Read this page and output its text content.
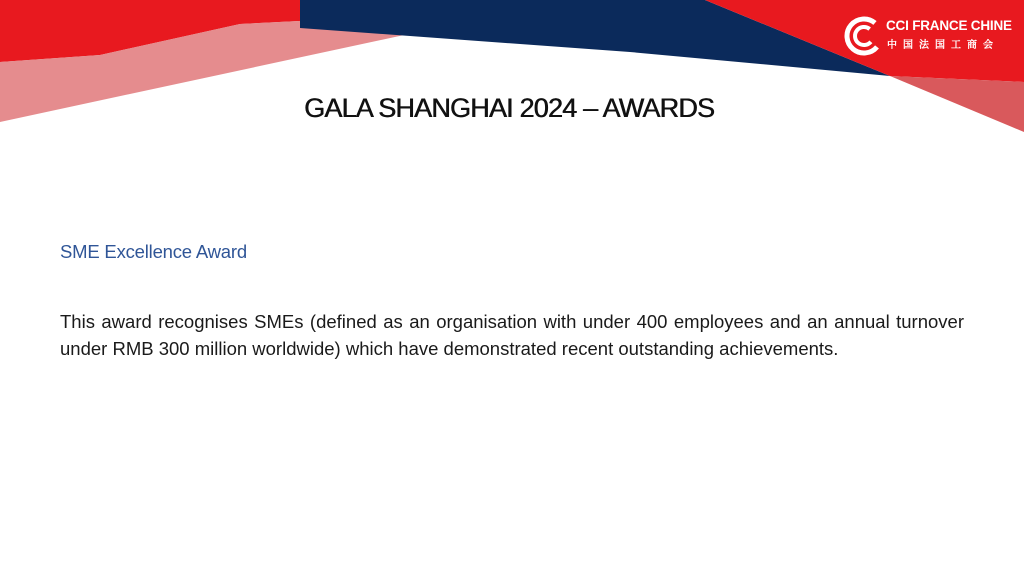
CCI FRANCE CHINE
中国法国工商会
GALA SHANGHAI 2024 – AWARDS
SME Excellence Award

This award recognises SMEs (defined as an organisation with under 400 employees and an annual turnover under RMB 300 million worldwide) which have demonstrated recent outstanding achievements.
